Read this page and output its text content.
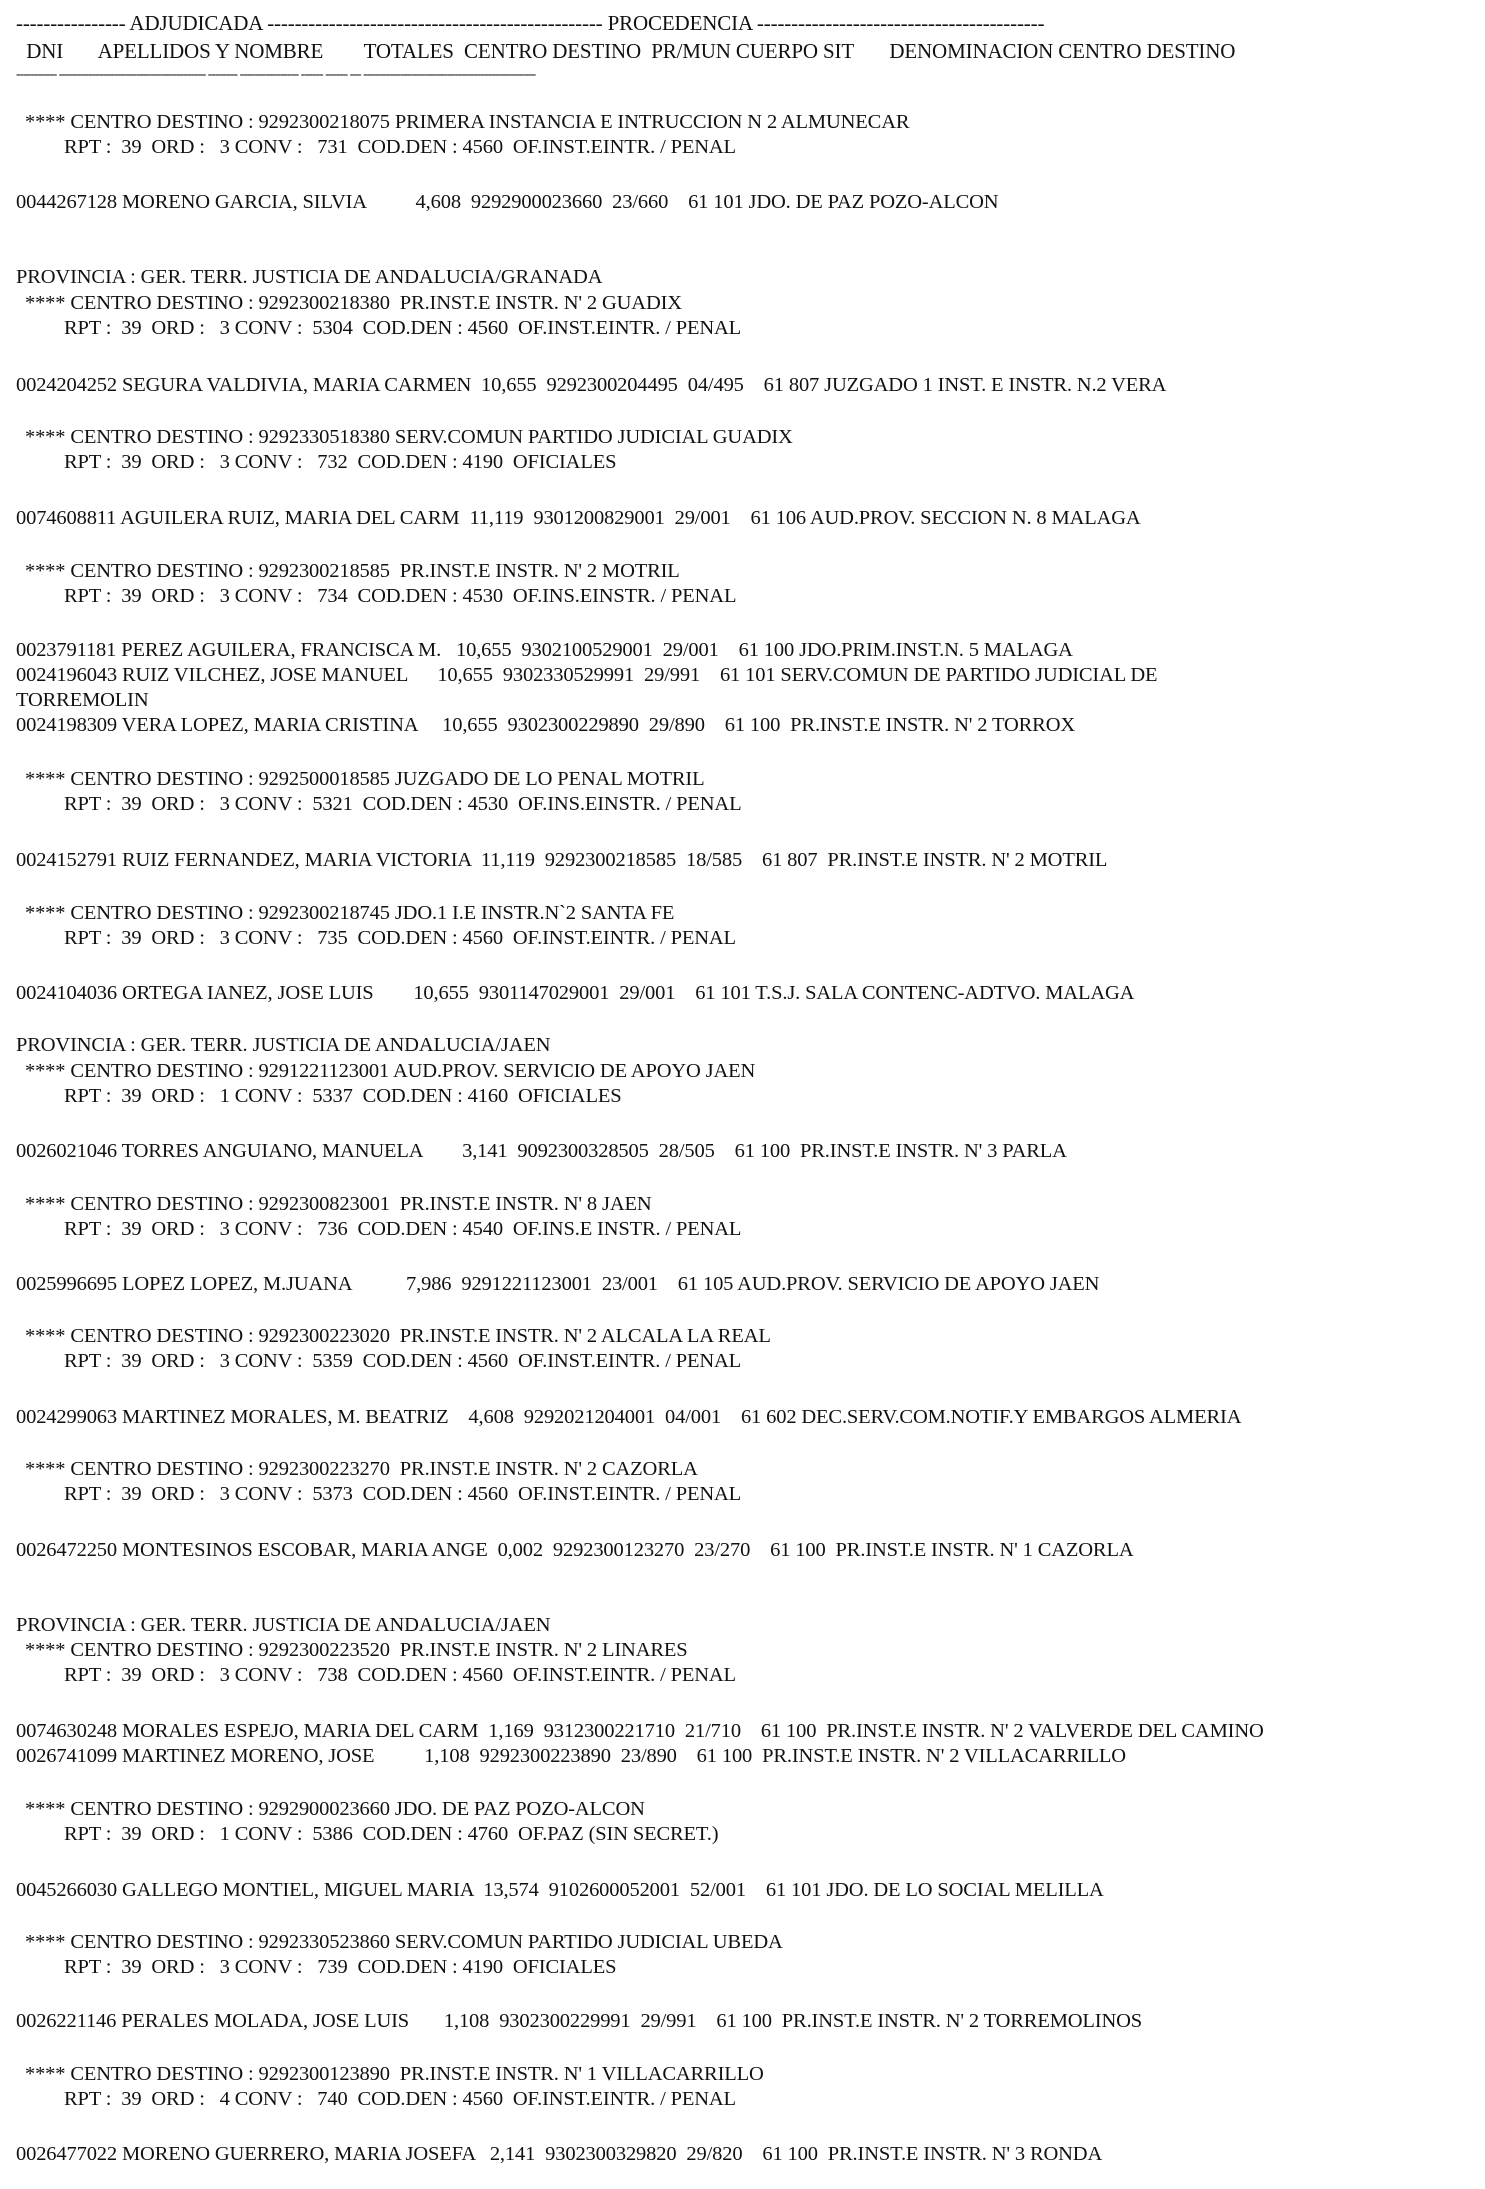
---------------- ADJUDICADA ------------------------------------------------- PROCEDENCIA ------------------------------------------
DNI       APELLIDOS Y NOMBRE        TOTALES  CENTRO DESTINO  PR/MUN CUERPO SIT       DENOMINACION CENTRO DESTINO
----------- ---------------------------------------- -------- ---------------- ------ ------ --- -----------------------------------------------
**** CENTRO DESTINO : 9292300218075 PRIMERA INSTANCIA E INTRUCCION N 2 ALMUNECAR
RPT :  39  ORD :   3 CONV :   731  COD.DEN : 4560  OF.INST.EINTR. / PENAL
0044267128 MORENO GARCIA, SILVIA          4,608  9292900023660  23/660    61 101 JDO. DE PAZ POZO-ALCON
PROVINCIA : GER. TERR. JUSTICIA DE ANDALUCIA/GRANADA
**** CENTRO DESTINO : 9292300218380  PR.INST.E INSTR. N' 2 GUADIX
RPT :  39  ORD :   3 CONV :  5304  COD.DEN : 4560  OF.INST.EINTR. / PENAL
0024204252 SEGURA VALDIVIA, MARIA CARMEN  10,655  9292300204495  04/495    61 807 JUZGADO 1 INST. E INSTR. N.2 VERA
**** CENTRO DESTINO : 9292330518380 SERV.COMUN PARTIDO JUDICIAL GUADIX
RPT :  39  ORD :   3 CONV :   732  COD.DEN : 4190  OFICIALES
0074608811 AGUILERA RUIZ, MARIA DEL CARM  11,119  9301200829001  29/001    61 106 AUD.PROV. SECCION N. 8 MALAGA
**** CENTRO DESTINO : 9292300218585  PR.INST.E INSTR. N' 2 MOTRIL
RPT :  39  ORD :   3 CONV :   734  COD.DEN : 4530  OF.INS.EINSTR. / PENAL
0023791181 PEREZ AGUILERA, FRANCISCA M.   10,655  9302100529001  29/001    61 100 JDO.PRIM.INST.N. 5 MALAGA
0024196043 RUIZ VILCHEZ, JOSE MANUEL      10,655  9302330529991  29/991    61 101 SERV.COMUN DE PARTIDO JUDICIAL DE
TORREMOLIN
0024198309 VERA LOPEZ, MARIA CRISTINA     10,655  9302300229890  29/890    61 100  PR.INST.E INSTR. N' 2 TORROX
**** CENTRO DESTINO : 9292500018585 JUZGADO DE LO PENAL MOTRIL
RPT :  39  ORD :   3 CONV :  5321  COD.DEN : 4530  OF.INS.EINSTR. / PENAL
0024152791 RUIZ FERNANDEZ, MARIA VICTORIA  11,119  9292300218585  18/585    61 807  PR.INST.E INSTR. N' 2 MOTRIL
**** CENTRO DESTINO : 9292300218745 JDO.1 I.E INSTR.N`2 SANTA FE
RPT :  39  ORD :   3 CONV :   735  COD.DEN : 4560  OF.INST.EINTR. / PENAL
0024104036 ORTEGA IANEZ, JOSE LUIS        10,655  9301147029001  29/001    61 101 T.S.J. SALA CONTENC-ADTVO. MALAGA
PROVINCIA : GER. TERR. JUSTICIA DE ANDALUCIA/JAEN
**** CENTRO DESTINO : 9291221123001 AUD.PROV. SERVICIO DE APOYO JAEN
RPT :  39  ORD :   1 CONV :  5337  COD.DEN : 4160  OFICIALES
0026021046 TORRES ANGUIANO, MANUELA        3,141  9092300328505  28/505    61 100  PR.INST.E INSTR. N' 3 PARLA
**** CENTRO DESTINO : 9292300823001  PR.INST.E INSTR. N' 8 JAEN
RPT :  39  ORD :   3 CONV :   736  COD.DEN : 4540  OF.INS.E INSTR. / PENAL
0025996695 LOPEZ LOPEZ, M.JUANA           7,986  9291221123001  23/001    61 105 AUD.PROV. SERVICIO DE APOYO JAEN
**** CENTRO DESTINO : 9292300223020  PR.INST.E INSTR. N' 2 ALCALA LA REAL
RPT :  39  ORD :   3 CONV :  5359  COD.DEN : 4560  OF.INST.EINTR. / PENAL
0024299063 MARTINEZ MORALES, M. BEATRIZ    4,608  9292021204001  04/001    61 602 DEC.SERV.COM.NOTIF.Y EMBARGOS ALMERIA
**** CENTRO DESTINO : 9292300223270  PR.INST.E INSTR. N' 2 CAZORLA
RPT :  39  ORD :   3 CONV :  5373  COD.DEN : 4560  OF.INST.EINTR. / PENAL
0026472250 MONTESINOS ESCOBAR, MARIA ANGE  0,002  9292300123270  23/270    61 100  PR.INST.E INSTR. N' 1 CAZORLA
PROVINCIA : GER. TERR. JUSTICIA DE ANDALUCIA/JAEN
**** CENTRO DESTINO : 9292300223520  PR.INST.E INSTR. N' 2 LINARES
RPT :  39  ORD :   3 CONV :   738  COD.DEN : 4560  OF.INST.EINTR. / PENAL
0074630248 MORALES ESPEJO, MARIA DEL CARM  1,169  9312300221710  21/710    61 100  PR.INST.E INSTR. N' 2 VALVERDE DEL CAMINO
0026741099 MARTINEZ MORENO, JOSE          1,108  9292300223890  23/890    61 100  PR.INST.E INSTR. N' 2 VILLACARRILLO
**** CENTRO DESTINO : 9292900023660 JDO. DE PAZ POZO-ALCON
RPT :  39  ORD :   1 CONV :  5386  COD.DEN : 4760  OF.PAZ (SIN SECRET.)
0045266030 GALLEGO MONTIEL, MIGUEL MARIA  13,574  9102600052001  52/001    61 101 JDO. DE LO SOCIAL MELILLA
**** CENTRO DESTINO : 9292330523860 SERV.COMUN PARTIDO JUDICIAL UBEDA
RPT :  39  ORD :   3 CONV :   739  COD.DEN : 4190  OFICIALES
0026221146 PERALES MOLADA, JOSE LUIS       1,108  9302300229991  29/991    61 100  PR.INST.E INSTR. N' 2 TORREMOLINOS
**** CENTRO DESTINO : 9292300123890  PR.INST.E INSTR. N' 1 VILLACARRILLO
RPT :  39  ORD :   4 CONV :   740  COD.DEN : 4560  OF.INST.EINTR. / PENAL
0026477022 MORENO GUERRERO, MARIA JOSEFA   2,141  9302300329820  29/820    61 100  PR.INST.E INSTR. N' 3 RONDA
